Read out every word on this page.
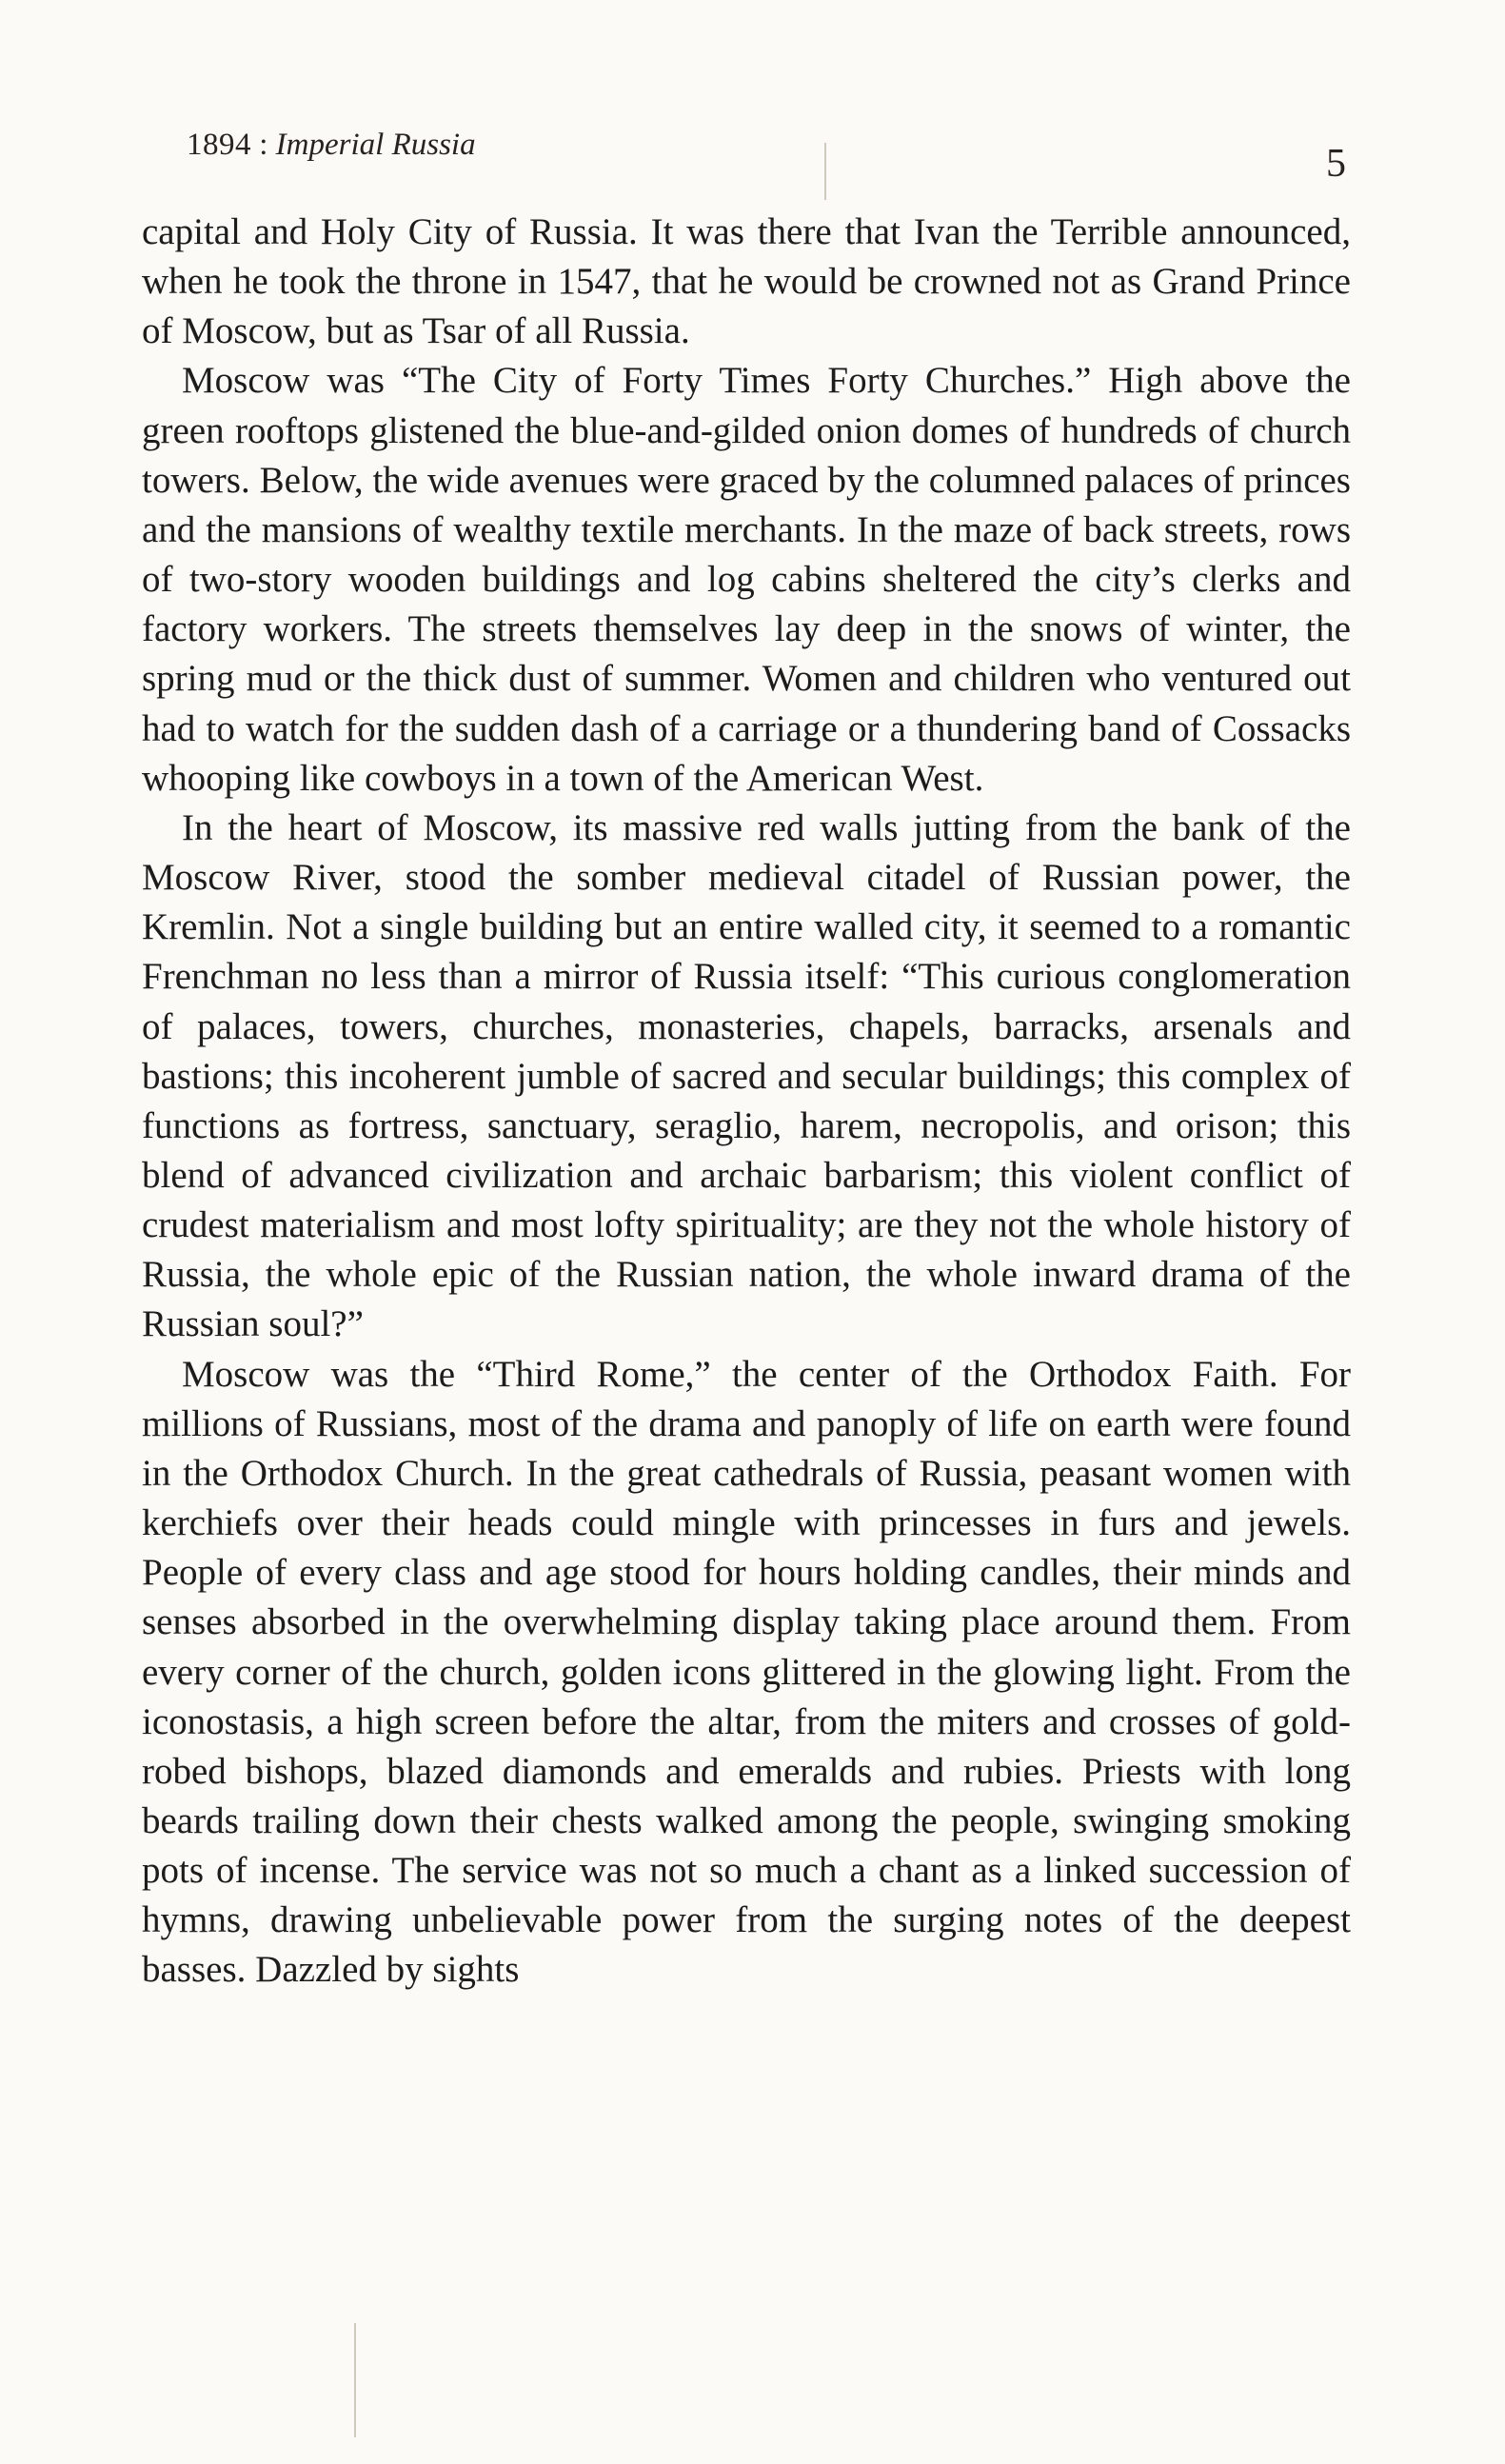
1894 : Imperial Russia	5

capital and Holy City of Russia. It was there that Ivan the Terrible announced, when he took the throne in 1547, that he would be crowned not as Grand Prince of Moscow, but as Tsar of all Russia.

Moscow was “The City of Forty Times Forty Churches.” High above the green rooftops glistened the blue-and-gilded onion domes of hundreds of church towers. Below, the wide avenues were graced by the columned palaces of princes and the mansions of wealthy textile merchants. In the maze of back streets, rows of two-story wooden buildings and log cabins sheltered the city’s clerks and factory workers. The streets themselves lay deep in the snows of winter, the spring mud or the thick dust of summer. Women and children who ventured out had to watch for the sudden dash of a carriage or a thundering band of Cossacks whooping like cowboys in a town of the American West.

In the heart of Moscow, its massive red walls jutting from the bank of the Moscow River, stood the somber medieval citadel of Russian power, the Kremlin. Not a single building but an entire walled city, it seemed to a romantic Frenchman no less than a mirror of Russia itself: “This curious conglomeration of palaces, towers, churches, monasteries, chapels, barracks, arsenals and bastions; this incoherent jumble of sacred and secular buildings; this complex of functions as fortress, sanctuary, seraglio, harem, necropolis, and orison; this blend of advanced civilization and archaic barbarism; this violent conflict of crudest materialism and most lofty spirituality; are they not the whole history of Russia, the whole epic of the Russian nation, the whole inward drama of the Russian soul?”

Moscow was the “Third Rome,” the center of the Orthodox Faith. For millions of Russians, most of the drama and panoply of life on earth were found in the Orthodox Church. In the great cathedrals of Russia, peasant women with kerchiefs over their heads could mingle with princesses in furs and jewels. People of every class and age stood for hours holding candles, their minds and senses absorbed in the overwhelming display taking place around them. From every corner of the church, golden icons glittered in the glowing light. From the iconostasis, a high screen before the altar, from the miters and crosses of gold-robed bishops, blazed diamonds and emeralds and rubies. Priests with long beards trailing down their chests walked among the people, swinging smoking pots of incense. The service was not so much a chant as a linked succession of hymns, drawing unbelievable power from the surging notes of the deepest basses. Dazzled by sights
